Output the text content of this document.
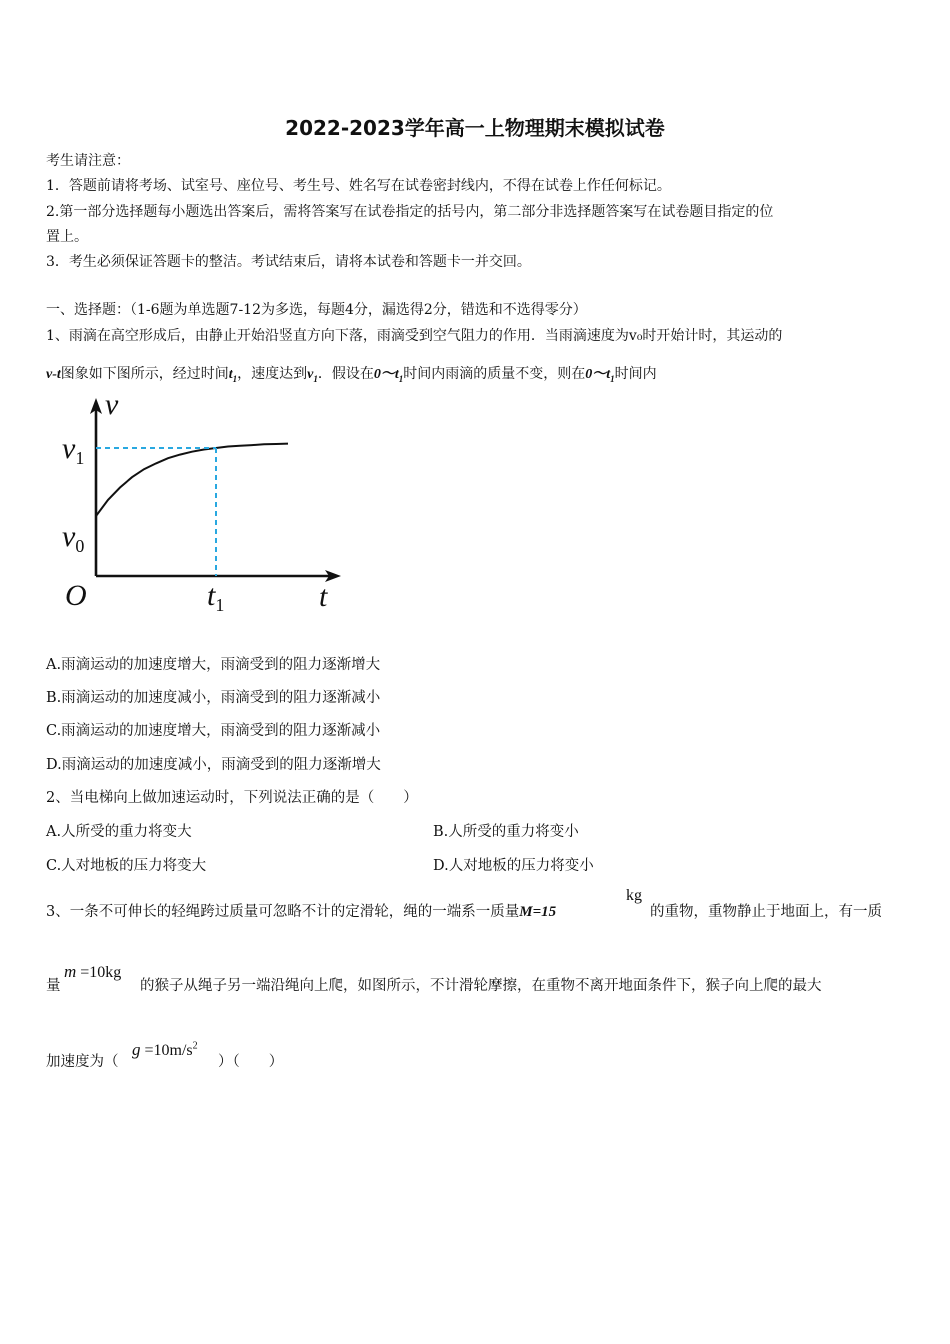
2022-2023学年高一上物理期末模拟试卷
考生请注意：
1．答题前请将考场、试室号、座位号、考生号、姓名写在试卷密封线内，不得在试卷上作任何标记。
2.第一部分选择题每小题选出答案后，需将答案写在试卷指定的括号内，第二部分非选择题答案写在试卷题目指定的位
置上。
3．考生必须保证答题卡的整洁。考试结束后，请将本试卷和答题卡一并交回。
一、选择题：（1-6题为单选题7-12为多选，每题4分，漏选得2分，错选和不选得零分）
1、雨滴在高空形成后，由静止开始沿竖直方向下落，雨滴受到空气阻力的作用．当雨滴速度为v₀时开始计时，其运动的
v-t图象如下图所示，经过时间$t_1$，速度达到$v_1$．假设在$0\sim t_1$时间内雨滴的质量不变，则在$0\sim t_1$时间内
v
t
O
$v_1$
$v_0$
$t_1$
A.雨滴运动的加速度增大，雨滴受到的阻力逐渐增大
B.雨滴运动的加速度减小，雨滴受到的阻力逐渐减小
C.雨滴运动的加速度增大，雨滴受到的阻力逐渐减小
D.雨滴运动的加速度减小，雨滴受到的阻力逐渐增大
2、当电梯向上做加速运动时，下列说法正确的是（　　）
A.人所受的重力将变大	B.人所受的重力将变小
C.人对地板的压力将变大	D.人对地板的压力将变小
3、一条不可伸长的轻绳跨过质量可忽略不计的定滑轮，绳的一端系一质量M=15
kg
的重物，重物静止于地面上，有一质
量
m =10kg
的猴子从绳子另一端沿绳向上爬，如图所示，不计滑轮摩擦，在重物不离开地面条件下，猴子向上爬的最大
加速度为（
$g =10m/s^2$
）（　　）
